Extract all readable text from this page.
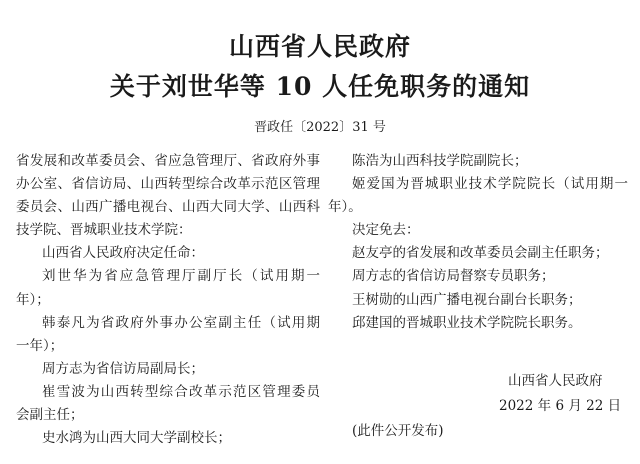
山西省人民政府
关于刘世华等 10 人任免职务的通知
晋政任〔2022〕31 号
省发展和改革委员会、省应急管理厅、省政府外事
办公室、省信访局、山西转型综合改革示范区管理
委员会、山西广播电视台、山西大同大学、山西科
技学院、晋城职业技术学院：
山西省人民政府决定任命：
刘世华为省应急管理厅副厅长（试用期一
年）；
韩泰凡为省政府外事办公室副主任（试用期
一年）；
周方志为省信访局副局长；
崔雪波为山西转型综合改革示范区管理委员
会副主任；
史水鸿为山西大同大学副校长；
陈浩为山西科技学院副院长；
姬爱国为晋城职业技术学院院长（试用期一
年）。
决定免去：
赵友亭的省发展和改革委员会副主任职务；
周方志的省信访局督察专员职务；
王树勋的山西广播电视台副台长职务；
邱建国的晋城职业技术学院院长职务。
山西省人民政府
2022 年 6 月 22 日
(此件公开发布)
